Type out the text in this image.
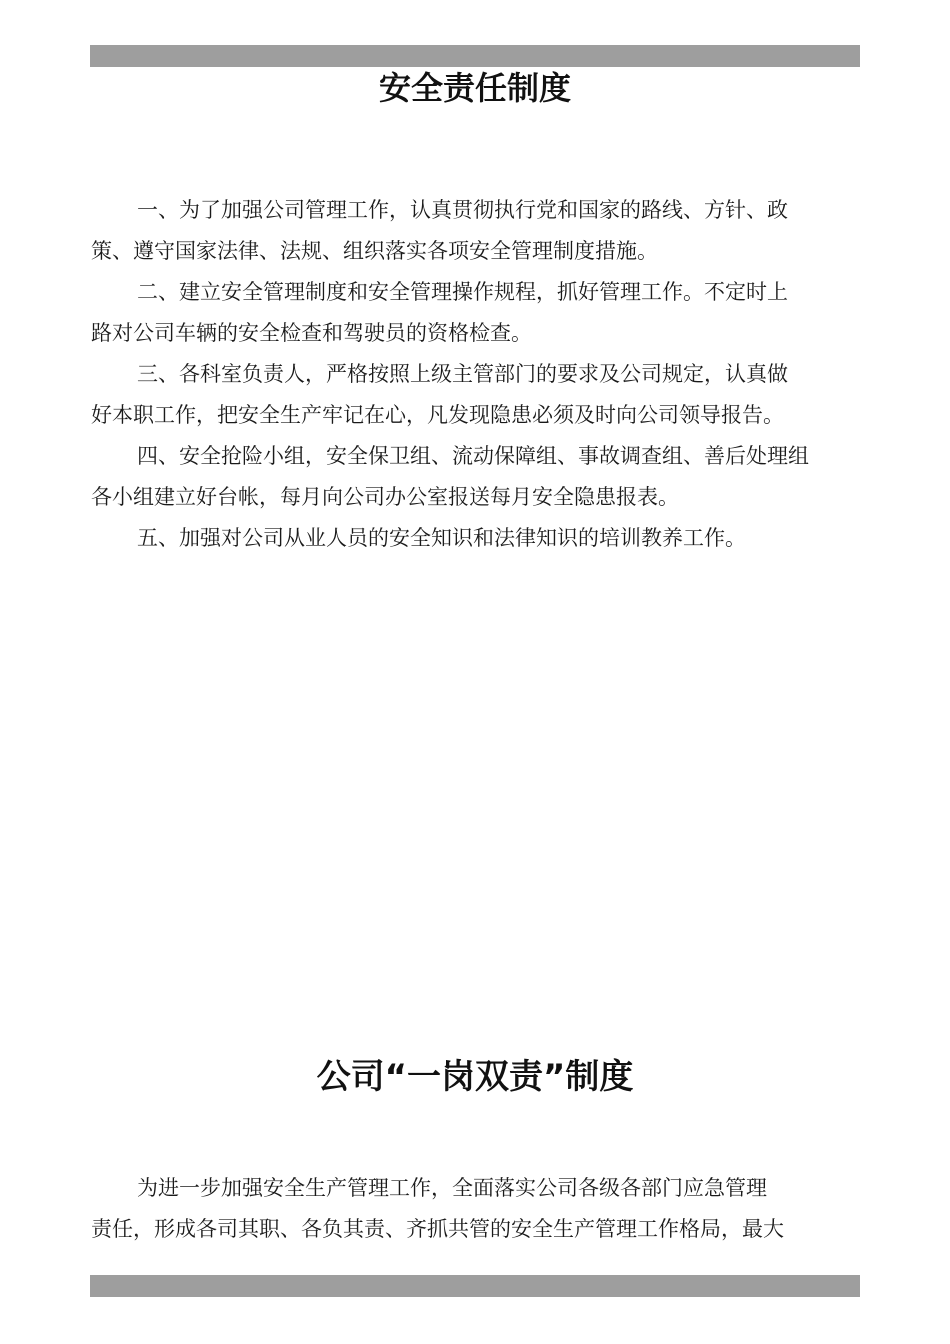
安全责任制度

一、为了加强公司管理工作，认真贯彻执行党和国家的路线、方针、政
策、遵守国家法律、法规、组织落实各项安全管理制度措施。

二、建立安全管理制度和安全管理操作规程，抓好管理工作。不定时上
路对公司车辆的安全检查和驾驶员的资格检查。

三、各科室负责人，严格按照上级主管部门的要求及公司规定，认真做
好本职工作，把安全生产牢记在心，凡发现隐患必须及时向公司领导报告。

四、安全抢险小组，安全保卫组、流动保障组、事故调查组、善后处理组
各小组建立好台帐，每月向公司办公室报送每月安全隐患报表。

五、加强对公司从业人员的安全知识和法律知识的培训教养工作。

公司“一岗双责”制度

为进一步加强安全生产管理工作，全面落实公司各级各部门应急管理
责任，形成各司其职、各负其责、齐抓共管的安全生产管理工作格局，最大
